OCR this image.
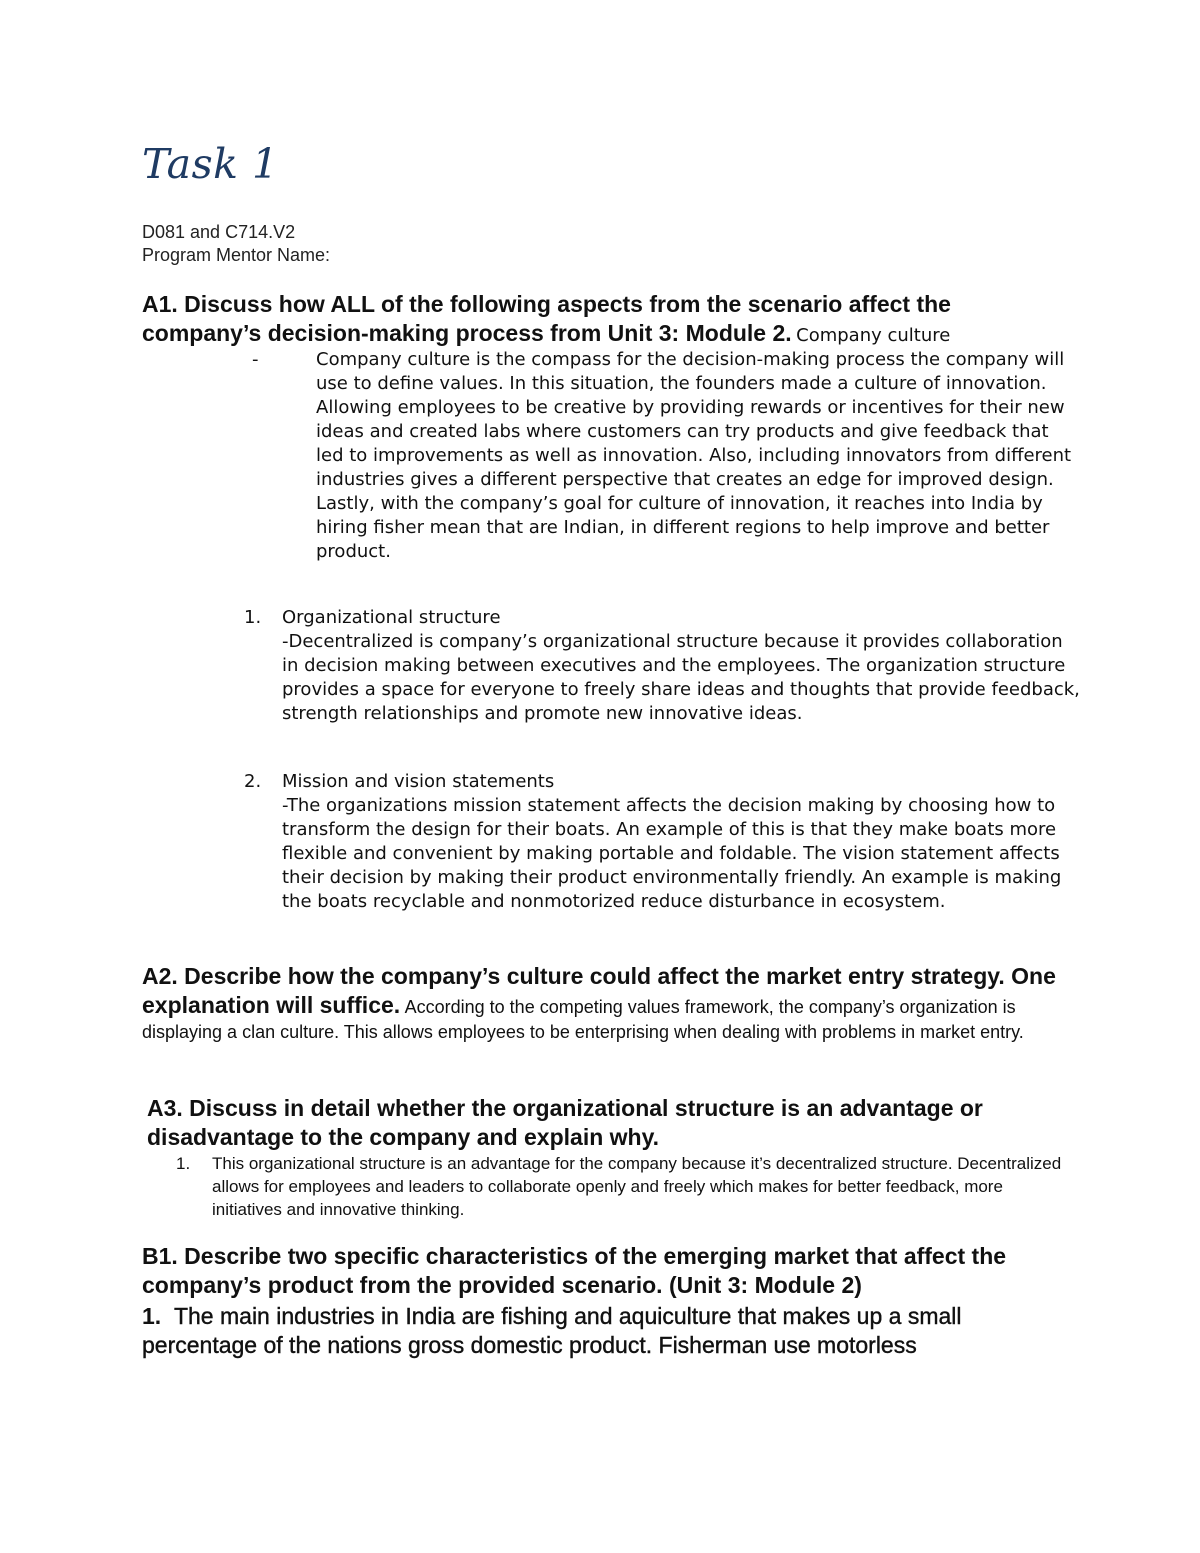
Task 1
D081 and C714.V2
Program Mentor Name:

A1. Discuss how ALL of the following aspects from the scenario affect the company’s decision-making process from Unit 3: Module 2. Company culture

-	Company culture is the compass for the decision-making process the company will use to define values. In this situation, the founders made a culture of innovation. Allowing employees to be creative by providing rewards or incentives for their new ideas and created labs where customers can try products and give feedback that led to improvements as well as innovation. Also, including innovators from different industries gives a different perspective that creates an edge for improved design. Lastly, with the company’s goal for culture of innovation, it reaches into India by hiring fisher mean that are Indian, in different regions to help improve and better product.

1. Organizational structure

-Decentralized is company’s organizational structure because it provides collaboration in decision making between executives and the employees. The organization structure provides a space for everyone to freely share ideas and thoughts that provide feedback, strength relationships and promote new innovative ideas.

2. Mission and vision statements

-The organizations mission statement affects the decision making by choosing how to transform the design for their boats. An example of this is that they make boats more flexible and convenient by making portable and foldable. The vision statement affects their decision by making their product environmentally friendly. An example is making the boats recyclable and nonmotorized reduce disturbance in ecosystem.

A2. Describe how the company’s culture could affect the market entry strategy. One explanation will suffice. According to the competing values framework, the company’s organization is displaying a clan culture. This allows employees to be enterprising when dealing with problems in market entry.

A3. Discuss in detail whether the organizational structure is an advantage or disadvantage to the company and explain why.

1. This organizational structure is an advantage for the company because it’s decentralized structure. Decentralized allows for employees and leaders to collaborate openly and freely which makes for better feedback, more initiatives and innovative thinking.

B1. Describe two specific characteristics of the emerging market that affect the company’s product from the provided scenario. (Unit 3: Module 2)

1. The main industries in India are fishing and aquiculture that makes up a small percentage of the nations gross domestic product. Fisherman use motorless
